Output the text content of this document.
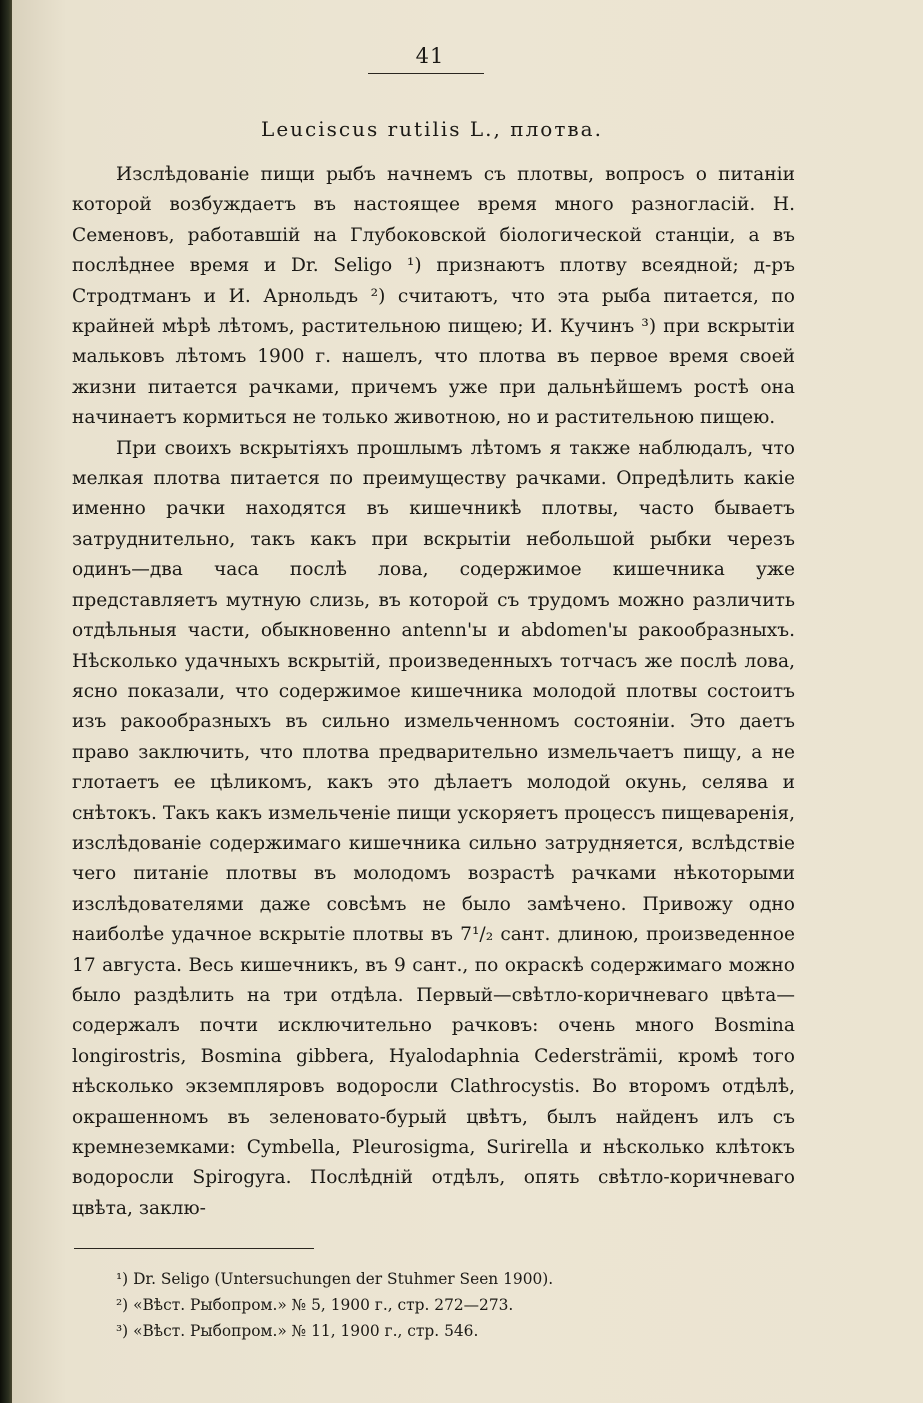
41
Leuciscus rutilis L., плотва.

Изслѣдованіе пищи рыбъ начнемъ съ плотвы, вопросъ о питаніи которой возбуждаетъ въ настоящее время много разногласій. Н. Семеновъ, работавшій на Глубоковской біологической станціи, а въ послѣднее время и Dr. Seligo ¹) признаютъ плотву всеядной; д-ръ Стродтманъ и И. Арнольдъ ²) считаютъ, что эта рыба питается, по крайней мѣрѣ лѣтомъ, растительною пищею; И. Кучинъ ³) при вскрытіи мальковъ лѣтомъ 1900 г. нашелъ, что плотва въ первое время своей жизни питается рачками, причемъ уже при дальнѣйшемъ ростѣ она начинаетъ кормиться не только животною, но и растительною пищею.

При своихъ вскрытіяхъ прошлымъ лѣтомъ я также наблюдалъ, что мелкая плотва питается по преимуществу рачками. Опредѣлить какіе именно рачки находятся въ кишечникѣ плотвы, часто бываетъ затруднительно, такъ какъ при вскрытіи небольшой рыбки черезъ одинъ—два часа послѣ лова, содержимое кишечника уже представляетъ мутную слизь, въ которой съ трудомъ можно различить отдѣльныя части, обыкновенно antenn'ы и abdomen'ы ракообразныхъ. Нѣсколько удачныхъ вскрытій, произведенныхъ тотчасъ же послѣ лова, ясно показали, что содержимое кишечника молодой плотвы состоитъ изъ ракообразныхъ въ сильно измельченномъ состояніи. Это даетъ право заключить, что плотва предварительно измельчаетъ пищу, а не глотаетъ ее цѣликомъ, какъ это дѣлаетъ молодой окунь, селява и снѣтокъ. Такъ какъ измельченіе пищи ускоряетъ процессъ пищеваренія, изслѣдованіе содержимаго кишечника сильно затрудняется, вслѣдствіе чего питаніе плотвы въ молодомъ возрастѣ рачками нѣкоторыми изслѣдователями даже совсѣмъ не было замѣчено. Привожу одно наиболѣе удачное вскрытіе плотвы въ 7¹/₂ сант. длиною, произведенное 17 августа. Весь кишечникъ, въ 9 сант., по окраскѣ содержимаго можно было раздѣлить на три отдѣла. Первый—свѣтло-коричневаго цвѣта—содержалъ почти исключительно рачковъ: очень много Bosmina longirostris, Bosmina gibbera, Hyalodaphnia Cedersträmii, кромѣ того нѣсколько экземпляровъ водоросли Clathrocystis. Во второмъ отдѣлѣ, окрашенномъ въ зеленовато-бурый цвѣтъ, былъ найденъ илъ съ кремнеземками: Cymbella, Pleurosigma, Surirella и нѣсколько клѣтокъ водоросли Spirogyra. Послѣдній отдѣлъ, опять свѣтло-коричневаго цвѣта, заклю-

¹) Dr. Seligo (Untersuchungen der Stuhmer Seen 1900).
²) «Вѣст. Рыбопром.» № 5, 1900 г., стр. 272—273.
³) «Вѣст. Рыбопром.» № 11, 1900 г., стр. 546.
